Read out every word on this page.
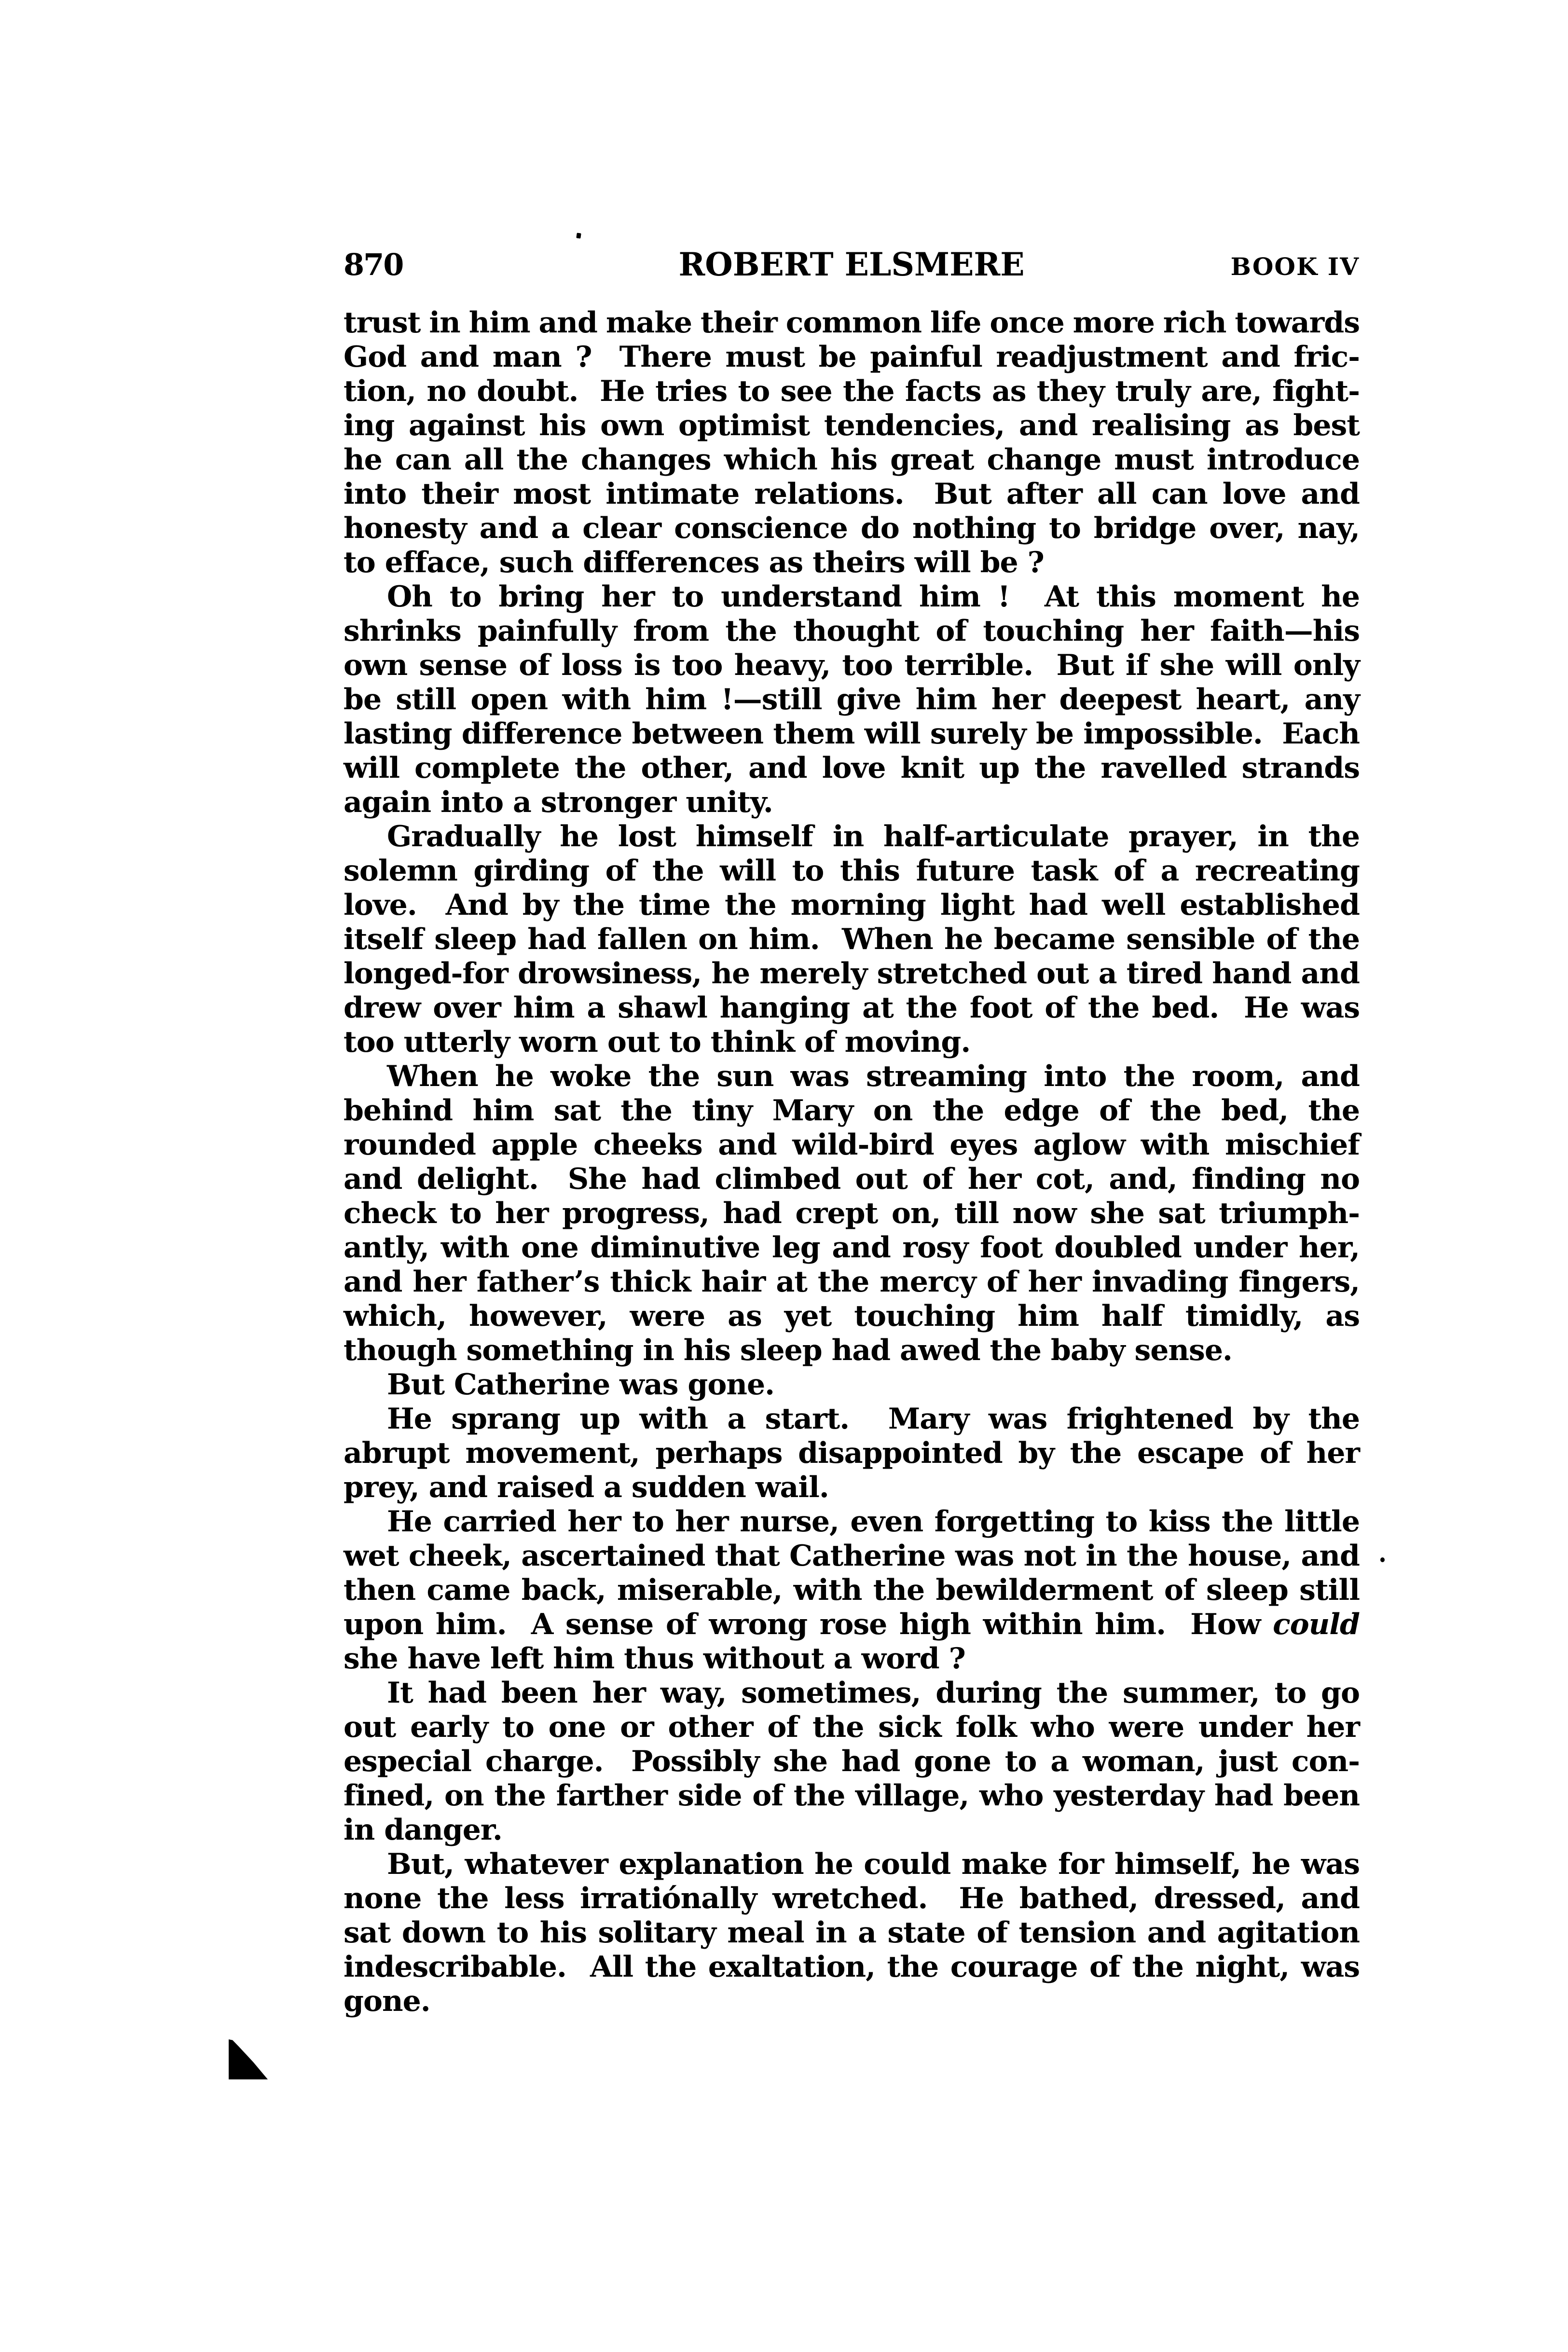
870	ROBERT ELSMERE	BOOK IV
trust in him and make their common life once more rich towards
God and man ?  There must be painful readjustment and fric-
tion, no doubt.  He tries to see the facts as they truly are, fight-
ing against his own optimist tendencies, and realising as best
he can all the changes which his great change must introduce
into their most intimate relations.  But after all can love and
honesty and a clear conscience do nothing to bridge over, nay,
to efface, such differences as theirs will be ?
Oh to bring her to understand him !  At this moment he
shrinks painfully from the thought of touching her faith—his
own sense of loss is too heavy, too terrible.  But if she will only
be still open with him !—still give him her deepest heart, any
lasting difference between them will surely be impossible.  Each
will complete the other, and love knit up the ravelled strands
again into a stronger unity.
Gradually he lost himself in half-articulate prayer, in the
solemn girding of the will to this future task of a recreating
love.  And by the time the morning light had well established
itself sleep had fallen on him.  When he became sensible of the
longed-for drowsiness, he merely stretched out a tired hand and
drew over him a shawl hanging at the foot of the bed.  He was
too utterly worn out to think of moving.
When he woke the sun was streaming into the room, and
behind him sat the tiny Mary on the edge of the bed, the
rounded apple cheeks and wild-bird eyes aglow with mischief
and delight.  She had climbed out of her cot, and, finding no
check to her progress, had crept on, till now she sat triumph-
antly, with one diminutive leg and rosy foot doubled under her,
and her father’s thick hair at the mercy of her invading fingers,
which, however, were as yet touching him half timidly, as
though something in his sleep had awed the baby sense.
But Catherine was gone.
He sprang up with a start.  Mary was frightened by the
abrupt movement, perhaps disappointed by the escape of her
prey, and raised a sudden wail.
He carried her to her nurse, even forgetting to kiss the little
wet cheek, ascertained that Catherine was not in the house, and
then came back, miserable, with the bewilderment of sleep still
upon him.  A sense of wrong rose high within him.  How could
she have left him thus without a word ?
It had been her way, sometimes, during the summer, to go
out early to one or other of the sick folk who were under her
especial charge.  Possibly she had gone to a woman, just con-
fined, on the farther side of the village, who yesterday had been
in danger.
But, whatever explanation he could make for himself, he was
none the less irratiónally wretched.  He bathed, dressed, and
sat down to his solitary meal in a state of tension and agitation
indescribable.  All the exaltation, the courage of the night, was
gone.
